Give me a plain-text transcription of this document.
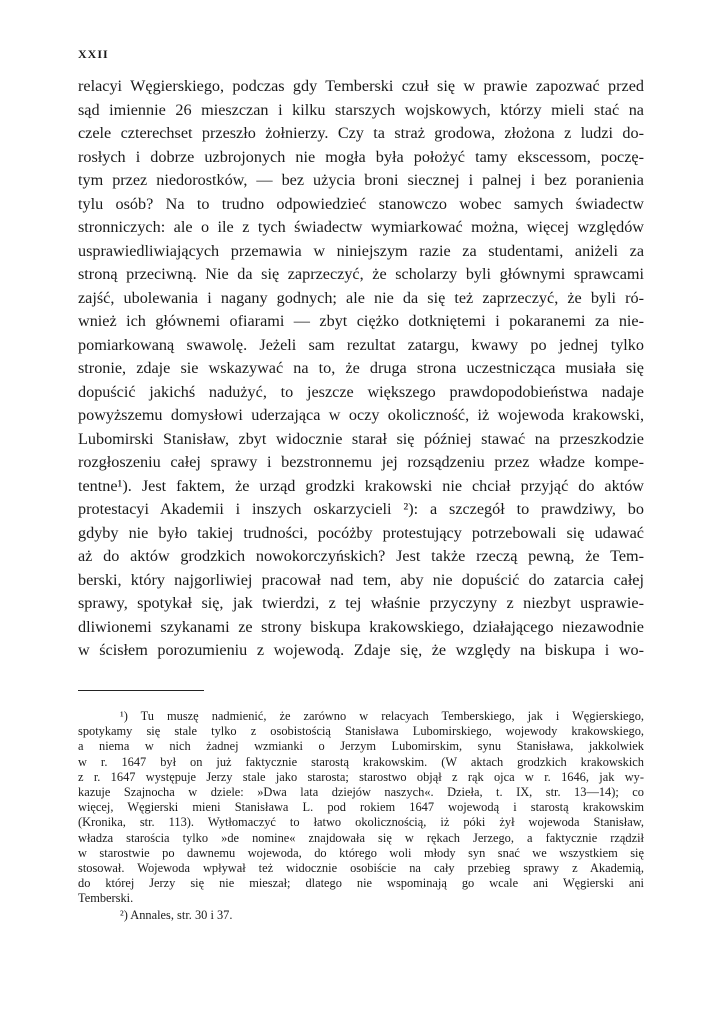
XXII
relacyi Węgierskiego, podczas gdy Temberski czuł się w prawie zapozwać przed
sąd imiennie 26 mieszczan i kilku starszych wojskowych, którzy mieli stać na
czele czterechset przeszło żołnierzy. Czy ta straż grodowa, złożona z ludzi do-
rosłych i dobrze uzbrojonych nie mogła była położyć tamy ekscessom, poczę-
tym przez niedorostków, — bez użycia broni siecznej i palnej i bez poranienia
tylu osób? Na to trudno odpowiedzieć stanowczo wobec samych świadectw
stronniczych: ale o ile z tych świadectw wymiarkować można, więcej względów
usprawiedliwiających przemawia w niniejszym razie za studentami, aniżeli za
stroną przeciwną. Nie da się zaprzeczyć, że scholarzy byli głównymi sprawcami
zajść, ubolewania i nagany godnych; ale nie da się też zaprzeczyć, że byli ró-
wnież ich głównemi ofiarami — zbyt ciężko dotkniętemi i pokaranemi za nie-
pomiarkowaną swawolę. Jeżeli sam rezultat zatargu, kwawy po jednej tylko
stronie, zdaje sie wskazywać na to, że druga strona uczestnicząca musiała się
dopuścić jakichś nadużyć, to jeszcze większego prawdopodobieństwa nadaje
powyższemu domysłowi uderzająca w oczy okoliczność, iż wojewoda krakowski,
Lubomirski Stanisław, zbyt widocznie starał się później stawać na przeszkodzie
rozgłoszeniu całej sprawy i bezstronnemu jej rozsądzeniu przez władze kompe-
tentne¹). Jest faktem, że urząd grodzki krakowski nie chciał przyjąć do aktów
protestacyi Akademii i inszych oskarzycieli ²): a szczegół to prawdziwy, bo
gdyby nie było takiej trudności, pocóżby protestujący potrzebowali się udawać
aż do aktów grodzkich nowokorczyńskich? Jest także rzeczą pewną, że Tem-
berski, który najgorliwiej pracował nad tem, aby nie dopuścić do zatarcia całej
sprawy, spotykał się, jak twierdzi, z tej właśnie przyczyny z niezbyt usprawie-
dliwionemi szykanami ze strony biskupa krakowskiego, działającego niezawodnie
w ścisłem porozumieniu z wojewodą. Zdaje się, że względy na biskupa i wo-
¹) Tu muszę nadmienić, że zarówno w relacyach Temberskiego, jak i Węgierskiego,
spotykamy się stale tylko z osobistością Stanisława Lubomirskiego, wojewody krakowskiego,
a niema w nich żadnej wzmianki o Jerzym Lubomirskim, synu Stanisława, jakkolwiek
w r. 1647 był on już faktycznie starostą krakowskim. (W aktach grodzkich krakowskich
z r. 1647 występuje Jerzy stale jako starosta; starostwo objął z rąk ojca w r. 1646, jak wy-
kazuje Szajnocha w dziele: »Dwa lata dziejów naszych«. Dzieła, t. IX, str. 13—14); co
więcej, Węgierski mieni Stanisława L. pod rokiem 1647 wojewodą i starostą krakowskim
(Kronika, str. 113). Wytłomaczyć to łatwo okolicznością, iż póki żył wojewoda Stanisław,
władza starościa tylko »de nomine« znajdowała się w rękach Jerzego, a faktycznie rządził
w starostwie po dawnemu wojewoda, do którego woli młody syn snać we wszystkiem się
stosował. Wojewoda wpływał też widocznie osobiście na cały przebieg sprawy z Akademią,
do której Jerzy się nie mieszał; dlatego nie wspominają go wcale ani Węgierski ani
Temberski.
²) Annales, str. 30 i 37.
